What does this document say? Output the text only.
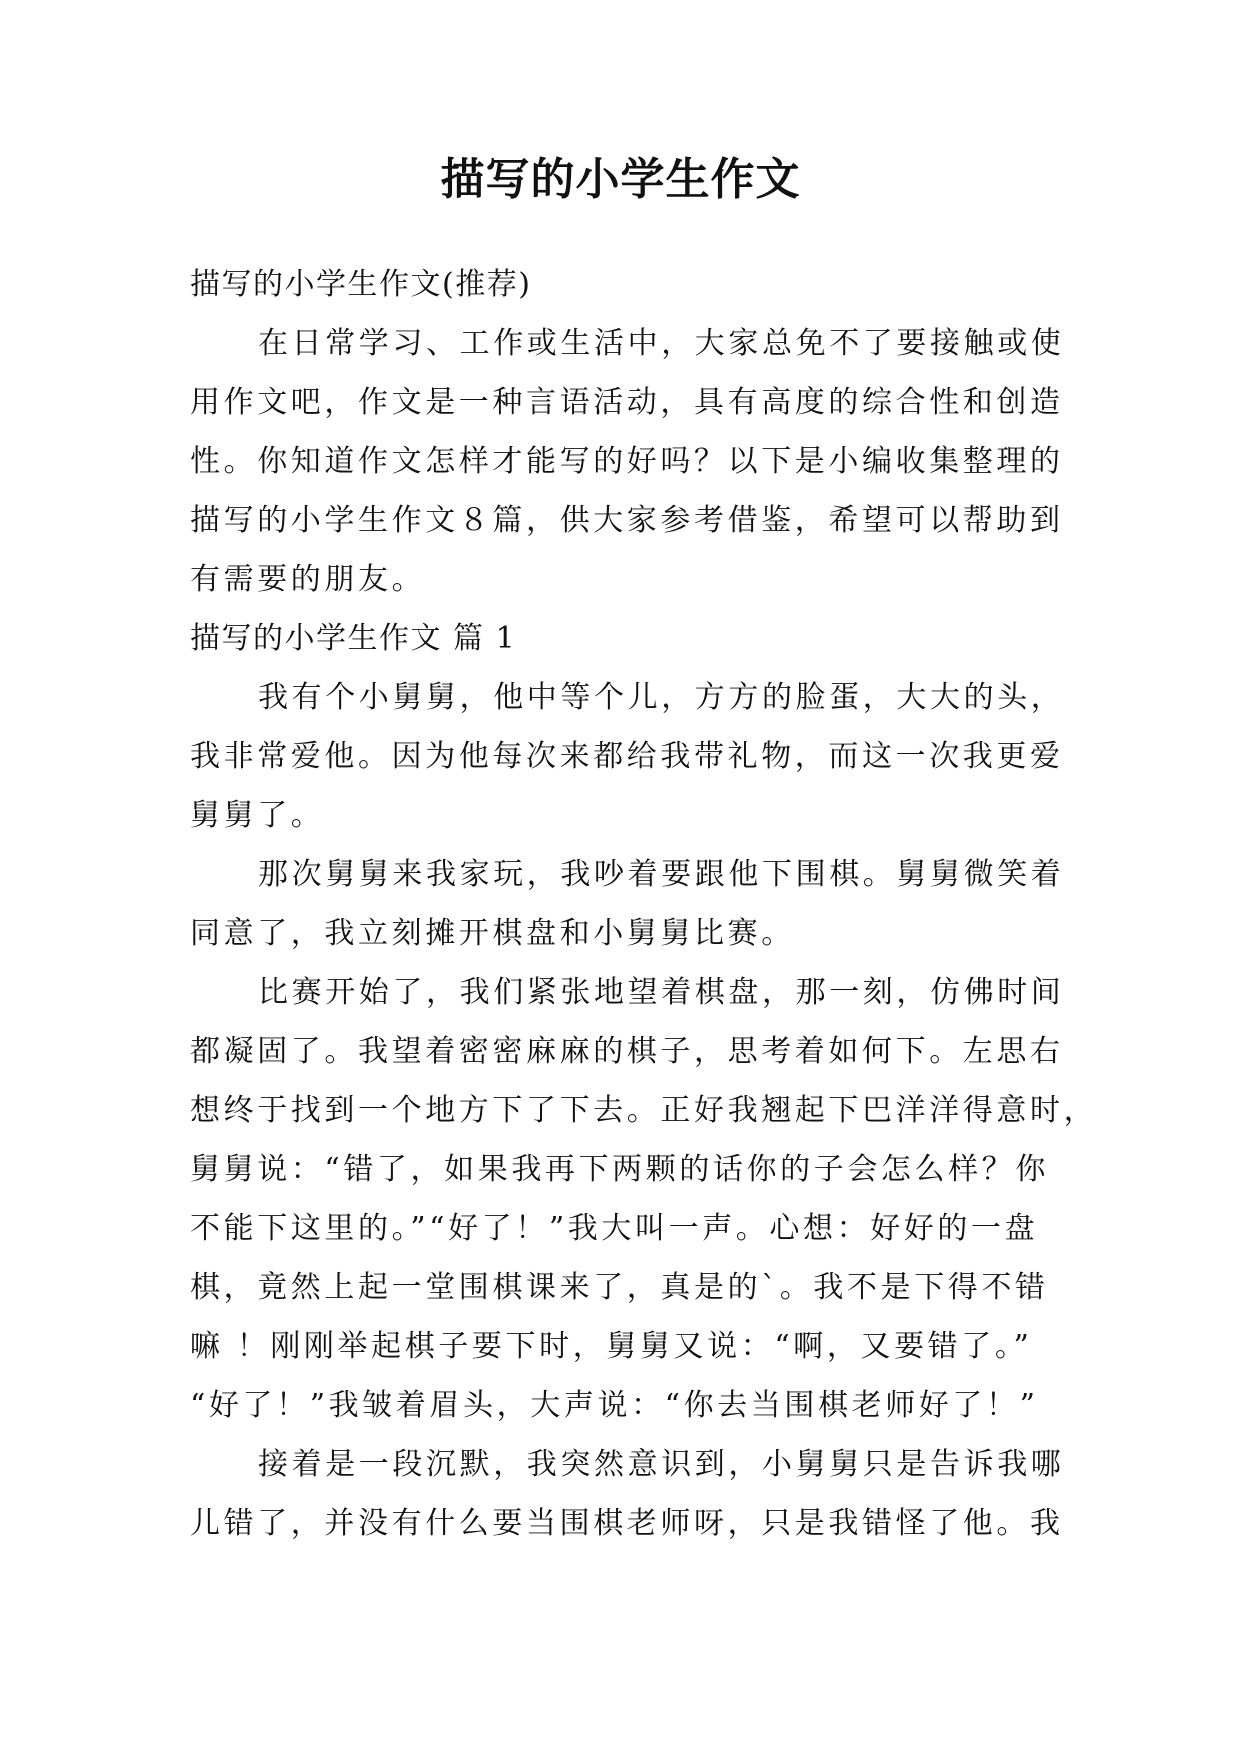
描写的小学生作文
描写的小学生作文(推荐)
在日常学习、工作或生活中，大家总免不了要接触或使
用作文吧，作文是一种言语活动，具有高度的综合性和创造
性。你知道作文怎样才能写的好吗？以下是小编收集整理的
描写的小学生作文８篇，供大家参考借鉴，希望可以帮助到
有需要的朋友。
描写的小学生作文 篇 1
我有个小舅舅，他中等个儿，方方的脸蛋，大大的头，
我非常爱他。因为他每次来都给我带礼物，而这一次我更爱
舅舅了。
那次舅舅来我家玩，我吵着要跟他下围棋。舅舅微笑着
同意了，我立刻摊开棋盘和小舅舅比赛。
比赛开始了，我们紧张地望着棋盘，那一刻，仿佛时间
都凝固了。我望着密密麻麻的棋子，思考着如何下。左思右
想终于找到一个地方下了下去。正好我翘起下巴洋洋得意时，
舅舅说：“错了，如果我再下两颗的话你的子会怎么样？你
不能下这里的。”“好了！”我大叫一声。心想：好好的一盘
棋，竟然上起一堂围棋课来了，真是的`。我不是下得不错
嘛 ！刚刚举起棋子要下时，舅舅又说：“啊，又要错了。”
“好了！”我皱着眉头，大声说：“你去当围棋老师好了！”
接着是一段沉默，我突然意识到，小舅舅只是告诉我哪
儿错了，并没有什么要当围棋老师呀，只是我错怪了他。我
